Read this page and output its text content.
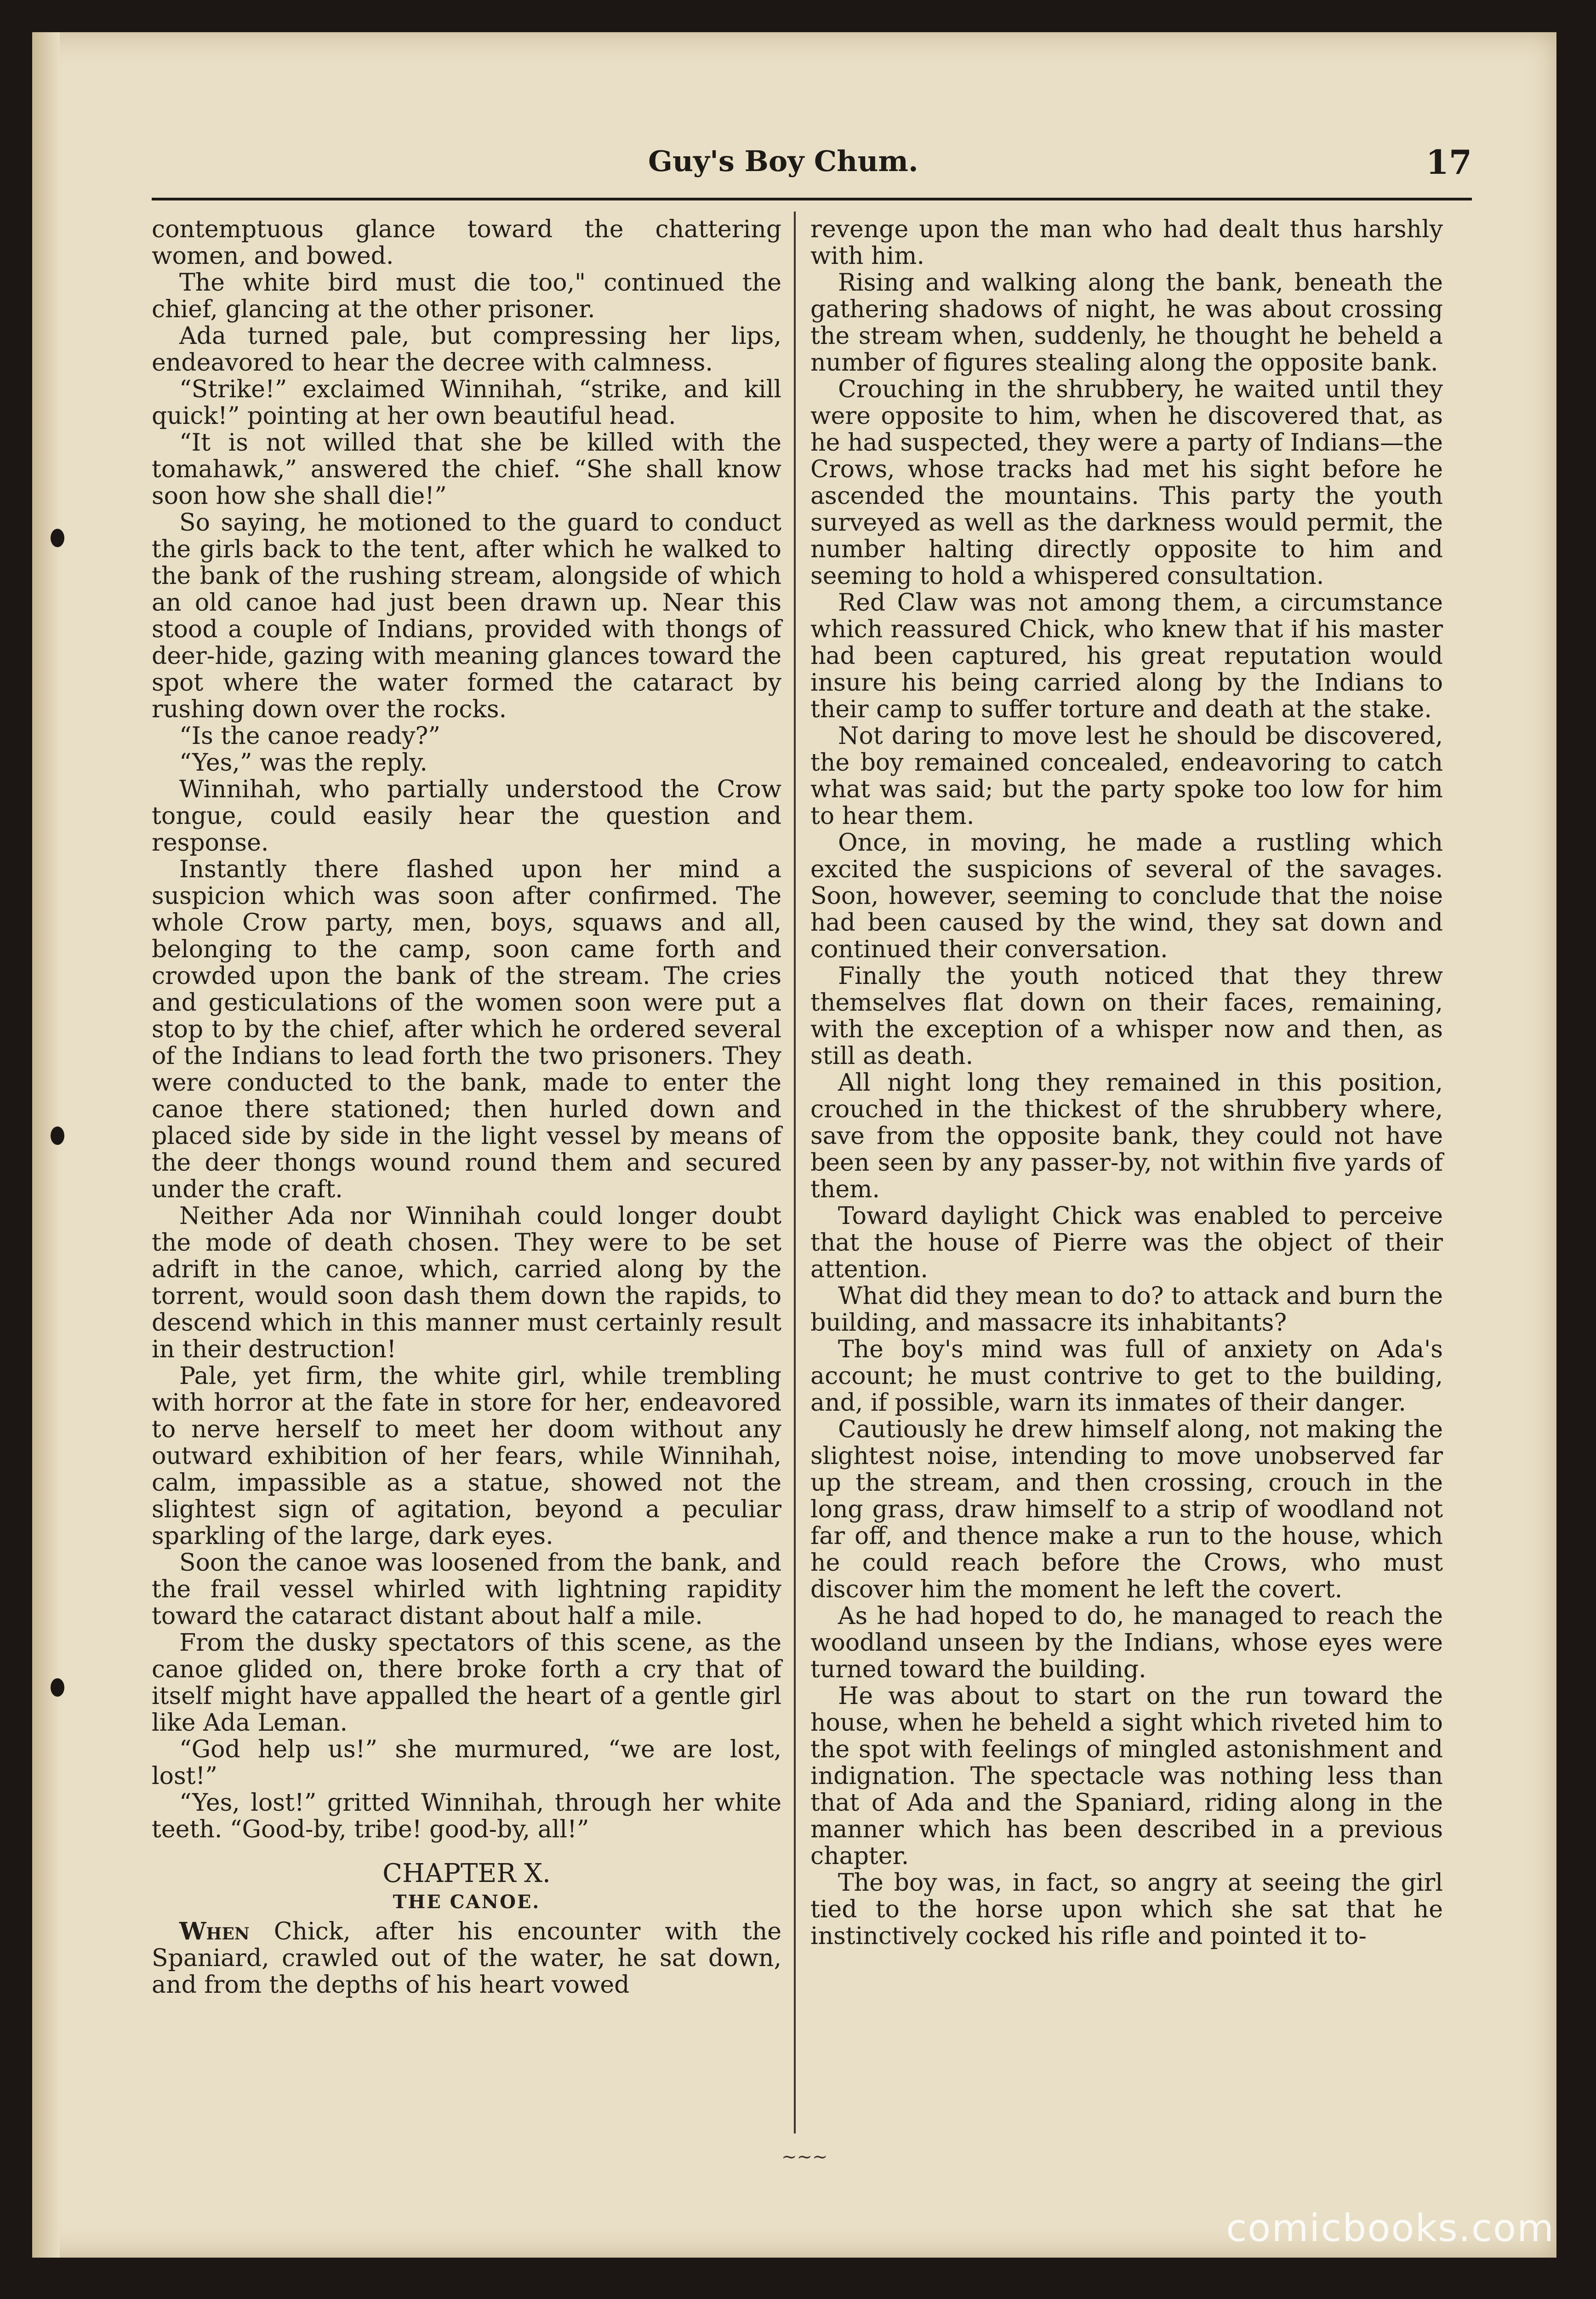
Guy's Boy Chum.	17

contemptuous glance toward the chattering women, and bowed.

The white bird must die too," continued the chief, glancing at the other prisoner.

Ada turned pale, but compressing her lips, endeavored to hear the decree with calmness.

“Strike!” exclaimed Winnihah, “strike, and kill quick!” pointing at her own beautiful head.

“It is not willed that she be killed with the tomahawk,” answered the chief. “She shall know soon how she shall die!”

So saying, he motioned to the guard to conduct the girls back to the tent, after which he walked to the bank of the rushing stream, alongside of which an old canoe had just been drawn up. Near this stood a couple of Indians, provided with thongs of deer-hide, gazing with meaning glances toward the spot where the water formed the cataract by rushing down over the rocks.

“Is the canoe ready?”

“Yes,” was the reply.

Winnihah, who partially understood the Crow tongue, could easily hear the question and response.

Instantly there flashed upon her mind a suspicion which was soon after confirmed. The whole Crow party, men, boys, squaws and all, belonging to the camp, soon came forth and crowded upon the bank of the stream. The cries and gesticulations of the women soon were put a stop to by the chief, after which he ordered several of the Indians to lead forth the two prisoners. They were conducted to the bank, made to enter the canoe there stationed; then hurled down and placed side by side in the light vessel by means of the deer thongs wound round them and secured under the craft.

Neither Ada nor Winnihah could longer doubt the mode of death chosen. They were to be set adrift in the canoe, which, carried along by the torrent, would soon dash them down the rapids, to descend which in this manner must certainly result in their destruction!

Pale, yet firm, the white girl, while trembling with horror at the fate in store for her, endeavored to nerve herself to meet her doom without any outward exhibition of her fears, while Winnihah, calm, impassible as a statue, showed not the slightest sign of agitation, beyond a peculiar sparkling of the large, dark eyes.

Soon the canoe was loosened from the bank, and the frail vessel whirled with lightning rapidity toward the cataract distant about half a mile.

From the dusky spectators of this scene, as the canoe glided on, there broke forth a cry that of itself might have appalled the heart of a gentle girl like Ada Leman.

“God help us!” she murmured, “we are lost, lost!”

“Yes, lost!” gritted Winnihah, through her white teeth. “Good-by, tribe! good-by, all!”

CHAPTER X.
THE CANOE.

When Chick, after his encounter with the Spaniard, crawled out of the water, he sat down, and from the depths of his heart vowed

revenge upon the man who had dealt thus harshly with him.

Rising and walking along the bank, beneath the gathering shadows of night, he was about crossing the stream when, suddenly, he thought he beheld a number of figures stealing along the opposite bank.

Crouching in the shrubbery, he waited until they were opposite to him, when he discovered that, as he had suspected, they were a party of Indians—the Crows, whose tracks had met his sight before he ascended the mountains. This party the youth surveyed as well as the darkness would permit, the number halting directly opposite to him and seeming to hold a whispered consultation.

Red Claw was not among them, a circumstance which reassured Chick, who knew that if his master had been captured, his great reputation would insure his being carried along by the Indians to their camp to suffer torture and death at the stake.

Not daring to move lest he should be discovered, the boy remained concealed, endeavoring to catch what was said; but the party spoke too low for him to hear them.

Once, in moving, he made a rustling which excited the suspicions of several of the savages. Soon, however, seeming to conclude that the noise had been caused by the wind, they sat down and continued their conversation.

Finally the youth noticed that they threw themselves flat down on their faces, remaining, with the exception of a whisper now and then, as still as death.

All night long they remained in this position, crouched in the thickest of the shrubbery where, save from the opposite bank, they could not have been seen by any passer-by, not within five yards of them.

Toward daylight Chick was enabled to perceive that the house of Pierre was the object of their attention.

What did they mean to do? to attack and burn the building, and massacre its inhabitants?

The boy's mind was full of anxiety on Ada's account; he must contrive to get to the building, and, if possible, warn its inmates of their danger.

Cautiously he drew himself along, not making the slightest noise, intending to move unobserved far up the stream, and then crossing, crouch in the long grass, draw himself to a strip of woodland not far off, and thence make a run to the house, which he could reach before the Crows, who must discover him the moment he left the covert.

As he had hoped to do, he managed to reach the woodland unseen by the Indians, whose eyes were turned toward the building.

He was about to start on the run toward the house, when he beheld a sight which riveted him to the spot with feelings of mingled astonishment and indignation. The spectacle was nothing less than that of Ada and the Spaniard, riding along in the manner which has been described in a previous chapter.

The boy was, in fact, so angry at seeing the girl tied to the horse upon which she sat that he instinctively cocked his rifle and pointed it to-

~~~
comicbooks.com
